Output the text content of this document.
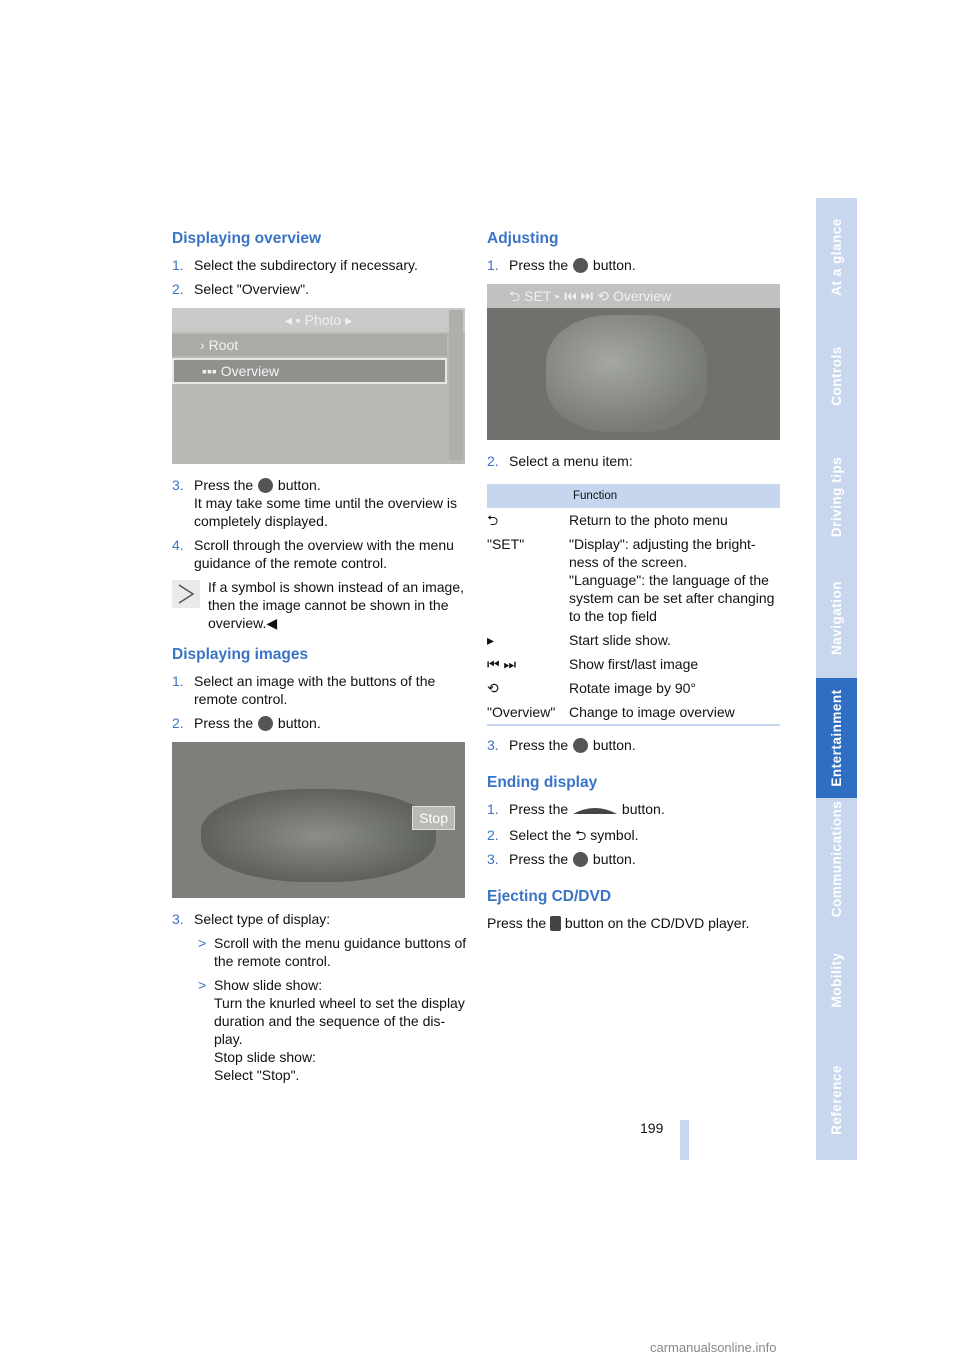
Displaying overview
1. Select the subdirectory if necessary.
2. Select "Overview".
◂ ▪ Photo ▸
› Root
▪▪▪ Overview
3. Press the button.
It may take some time until the overview is completely displayed.
4. Scroll through the overview with the menu guidance of the remote control.
If a symbol is shown instead of an image, then the image cannot be shown in the overview.◀
Displaying images
1. Select an image with the buttons of the remote control.
2. Press the button.
Stop
3. Select type of display:
> Scroll with the menu guidance buttons of the remote control.
> Show slide show:
Turn the knurled wheel to set the display duration and the sequence of the dis-play.
Stop slide show:
Select "Stop".
Adjusting
1. Press the button.
⮌ SET ▸ ⏮ ⏭ ⟲ Overview
2. Select a menu item:
Function	
⮌	Return to the photo menu
"SET"	"Display": adjusting the bright-ness of the screen.
"Language": the language of the system can be set after changing to the top field
▸	Start slide show.
⏮ ⏭	Show first/last image
⟲	Rotate image by 90°
"Overview"	Change to image overview
3. Press the button.
Ending display
1. Press the	button.
2. Select the ⮌ symbol.
3. Press the button.
Ejecting CD/DVD
Press the button on the CD/DVD player.
At a glance
Controls
Driving tips
Navigation
Entertainment
Communications
Mobility
Reference
199
carmanualsonline.info
